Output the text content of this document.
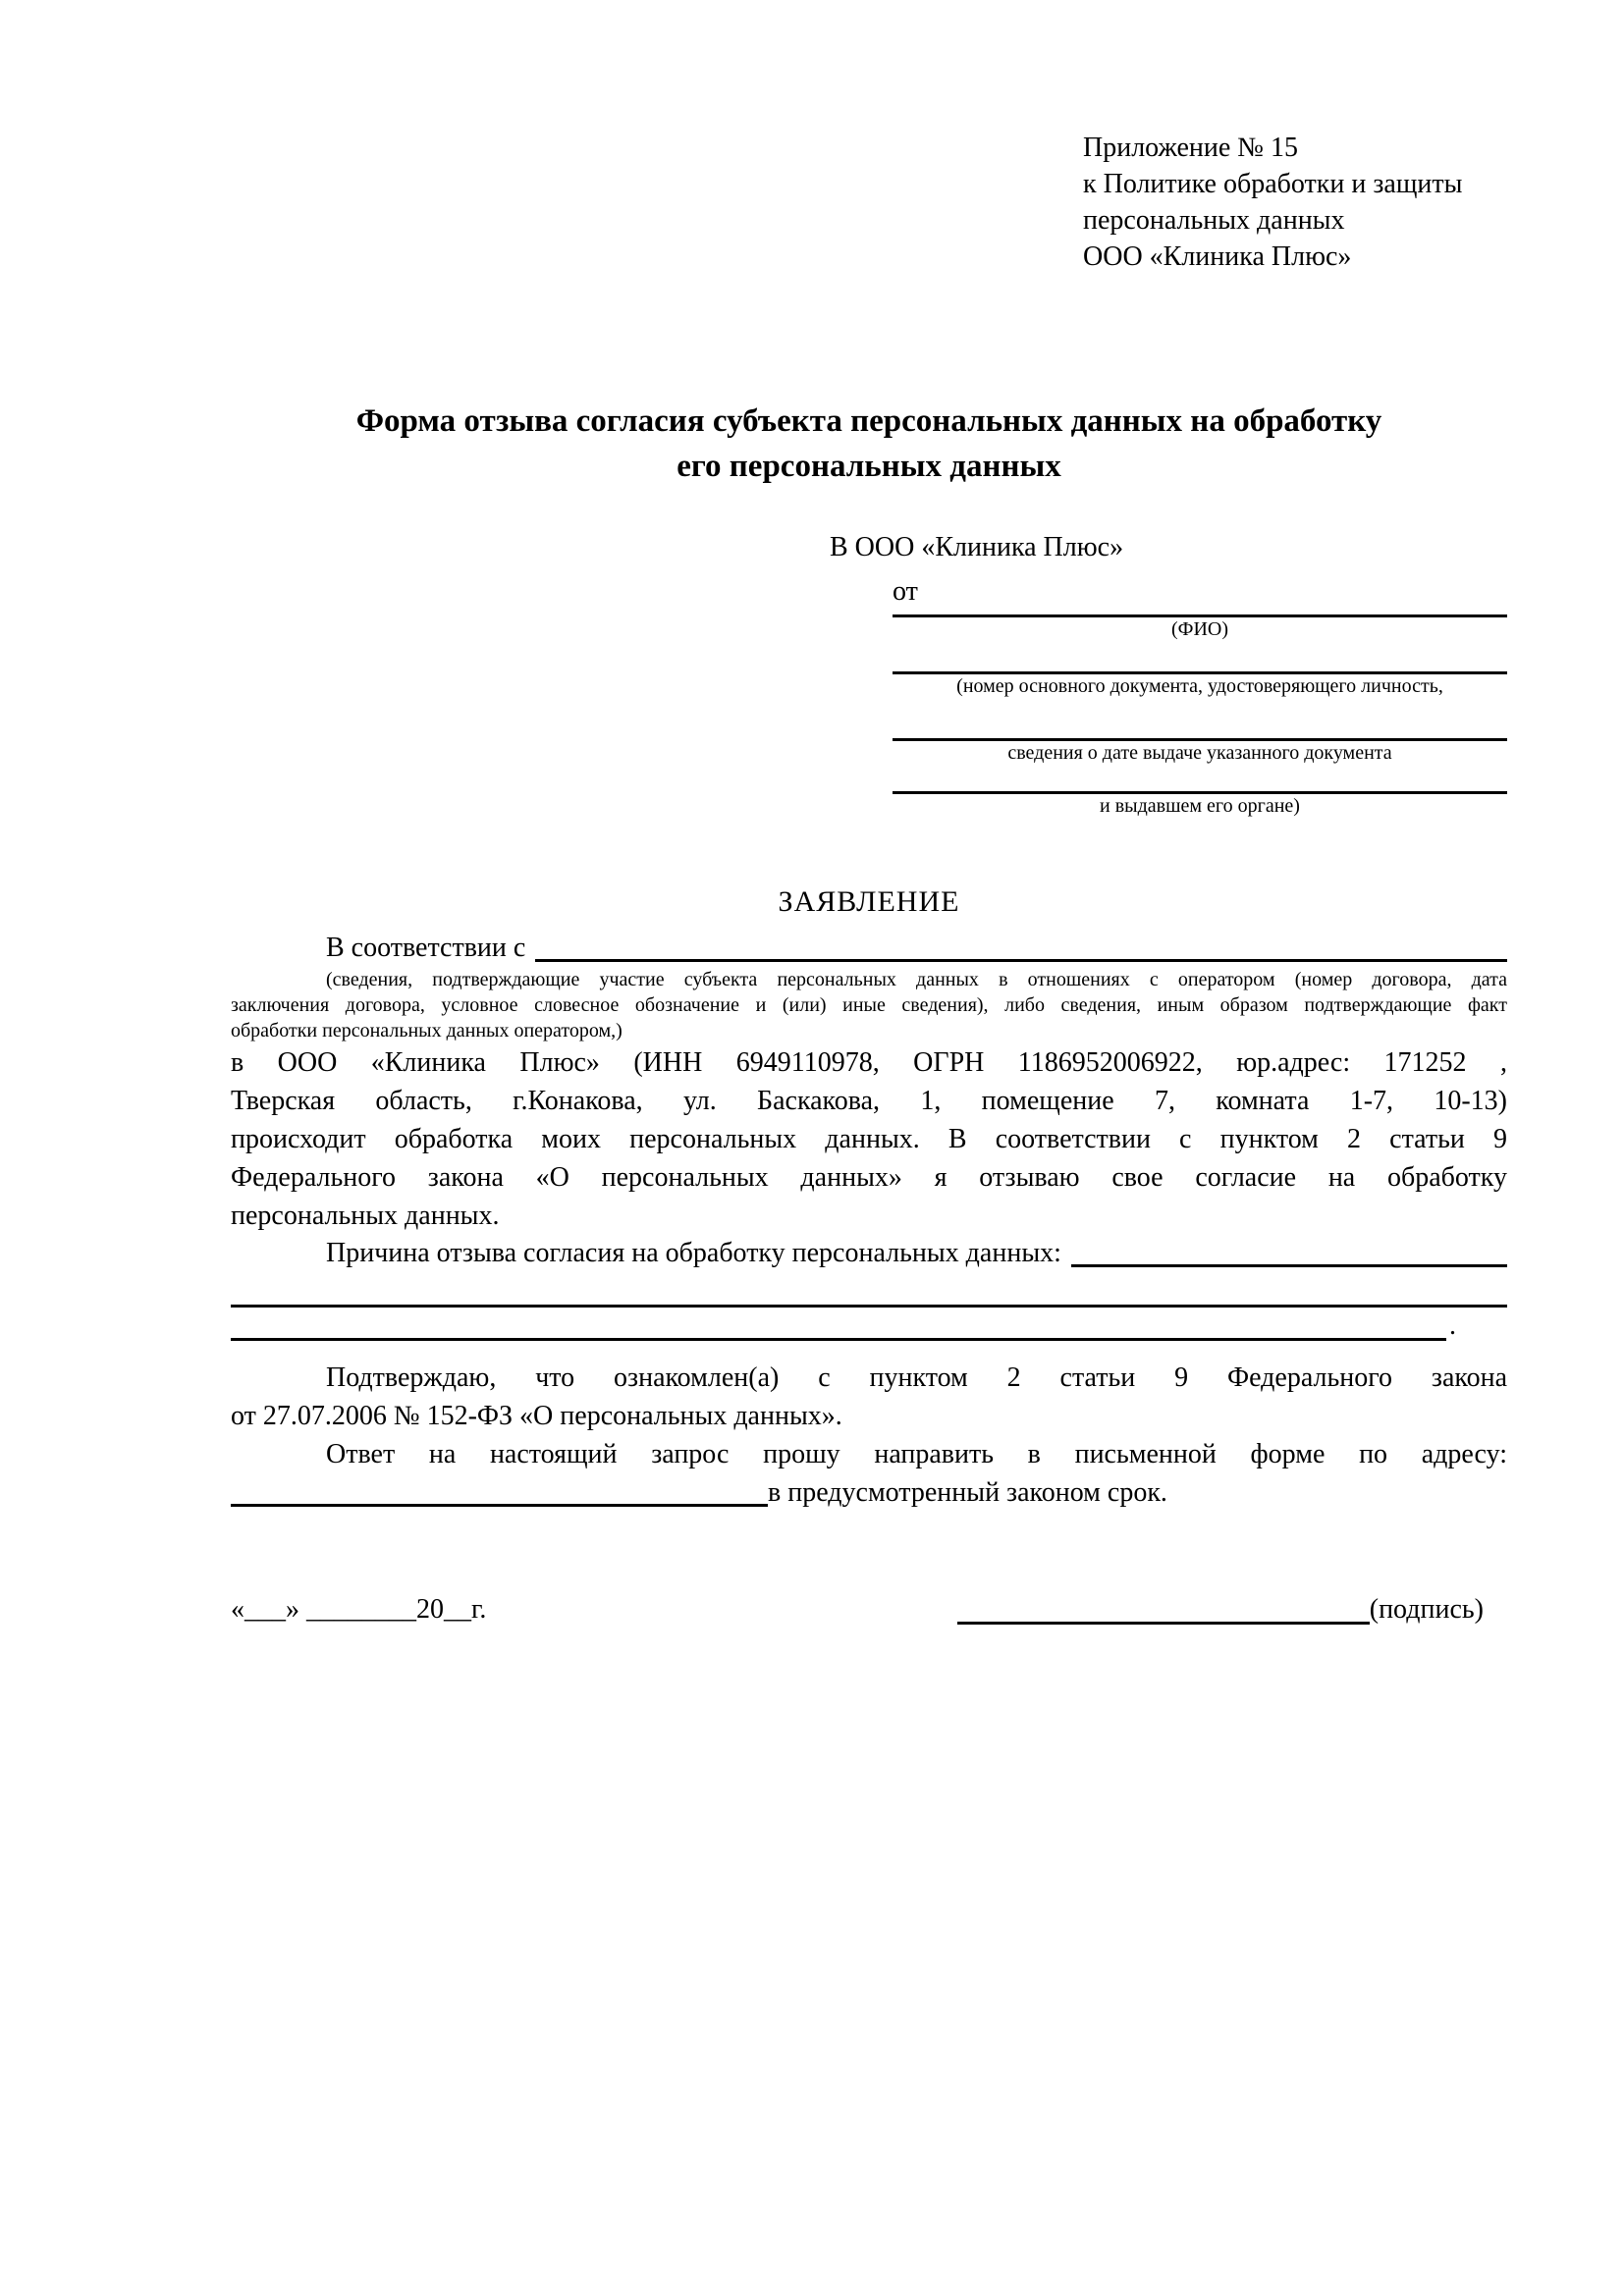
Приложение № 15
к Политике обработки и защиты
персональных данных
ООО «Клиника Плюс»
Форма отзыва согласия субъекта персональных данных на обработку
его персональных данных
В ООО «Клиника Плюс»
от
(ФИО)
(номер основного документа, удостоверяющего личность,
сведения о дате выдаче указанного документа
и выдавшем его органе)
ЗАЯВЛЕНИЕ
В соответствии с
(сведения, подтверждающие участие субъекта персональных данных в отношениях с оператором (номер договора, дата
заключения договора, условное словесное обозначение и (или) иные сведения), либо сведения, иным образом подтверждающие факт
обработки персональных данных оператором,)
в ООО «Клиника Плюс» (ИНН 6949110978, ОГРН 1186952006922, юр.адрес: 171252 ,
Тверская область, г.Конакова, ул. Баскакова, 1, помещение 7, комната 1-7, 10-13)
происходит обработка моих персональных данных. В соответствии с пунктом 2 статьи 9
Федерального закона «О персональных данных» я отзываю свое согласие на обработку
персональных данных.
Причина отзыва согласия на обработку персональных данных:
.
Подтверждаю, что ознакомлен(а) с пунктом 2 статьи 9 Федерального закона
от 27.07.2006 № 152-ФЗ «О персональных данных».
Ответ на настоящий запрос прошу направить в письменной форме по адресу:
в предусмотренный законом срок.
«___» ________20__г.	(подпись)
